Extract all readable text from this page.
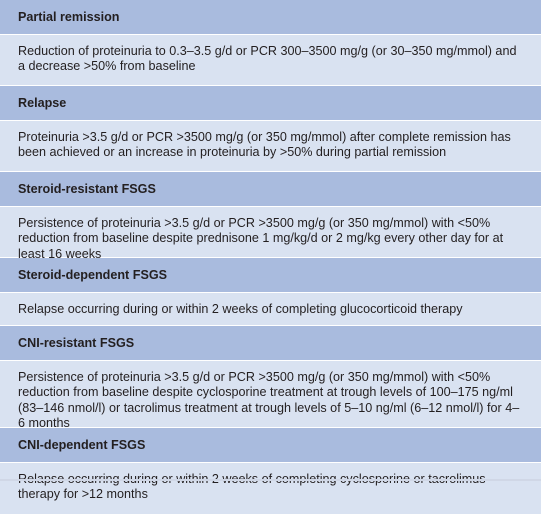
Partial remission
Reduction of proteinuria to 0.3–3.5 g/d or PCR 300–3500 mg/g (or 30–350 mg/mmol) and a decrease >50% from baseline
Relapse
Proteinuria >3.5 g/d or PCR >3500 mg/g (or 350 mg/mmol) after complete remission has been achieved or an increase in proteinuria by >50% during partial remission
Steroid-resistant FSGS
Persistence of proteinuria >3.5 g/d or PCR >3500 mg/g (or 350 mg/mmol) with <50% reduction from baseline despite prednisone 1 mg/kg/d or 2 mg/kg every other day for at least 16 weeks
Steroid-dependent FSGS
Relapse occurring during or within 2 weeks of completing glucocorticoid therapy
CNI-resistant FSGS
Persistence of proteinuria >3.5 g/d or PCR >3500 mg/g (or 350 mg/mmol) with <50% reduction from baseline despite cyclosporine treatment at trough levels of 100–175 ng/ml (83–146 nmol/l) or tacrolimus treatment at trough levels of 5–10 ng/ml (6–12 nmol/l) for 4–6 months
CNI-dependent FSGS
therapy for >12 months
